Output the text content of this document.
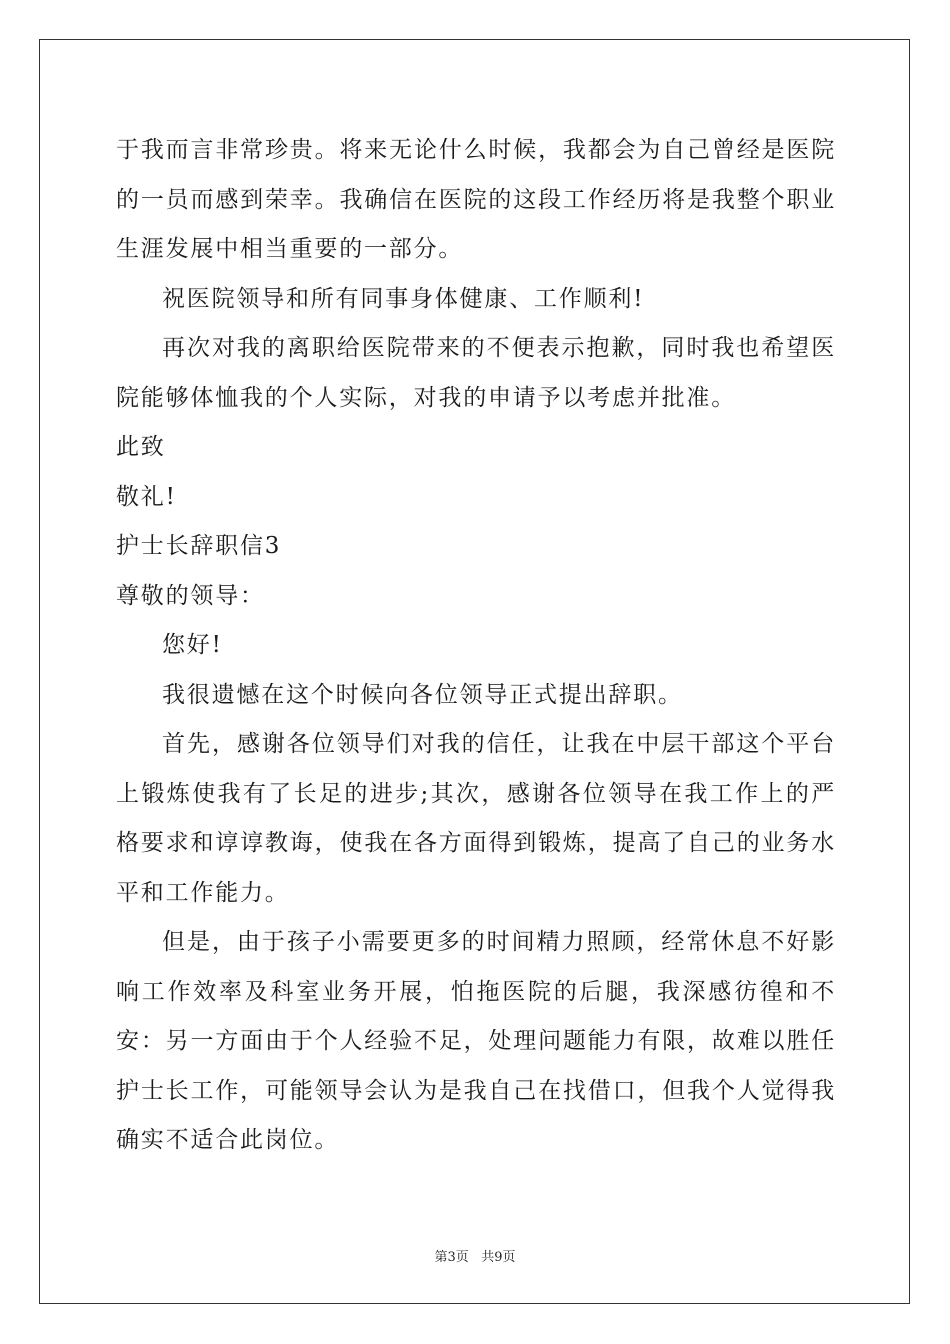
于我而言非常珍贵。将来无论什么时候，我都会为自己曾经是医院的一员而感到荣幸。我确信在医院的这段工作经历将是我整个职业生涯发展中相当重要的一部分。

祝医院领导和所有同事身体健康、工作顺利!

再次对我的离职给医院带来的不便表示抱歉，同时我也希望医院能够体恤我的个人实际，对我的申请予以考虑并批准。

此致

敬礼!

护士长辞职信3

尊敬的领导：

您好!

我很遗憾在这个时候向各位领导正式提出辞职。

首先，感谢各位领导们对我的信任，让我在中层干部这个平台上锻炼使我有了长足的进步;其次，感谢各位领导在我工作上的严格要求和谆谆教诲，使我在各方面得到锻炼，提高了自己的业务水平和工作能力。

但是，由于孩子小需要更多的时间精力照顾，经常休息不好影响工作效率及科室业务开展，怕拖医院的后腿，我深感彷徨和不安：另一方面由于个人经验不足，处理问题能力有限，故难以胜任护士长工作，可能领导会认为是我自己在找借口，但我个人觉得我确实不适合此岗位。

第3页 共9页
